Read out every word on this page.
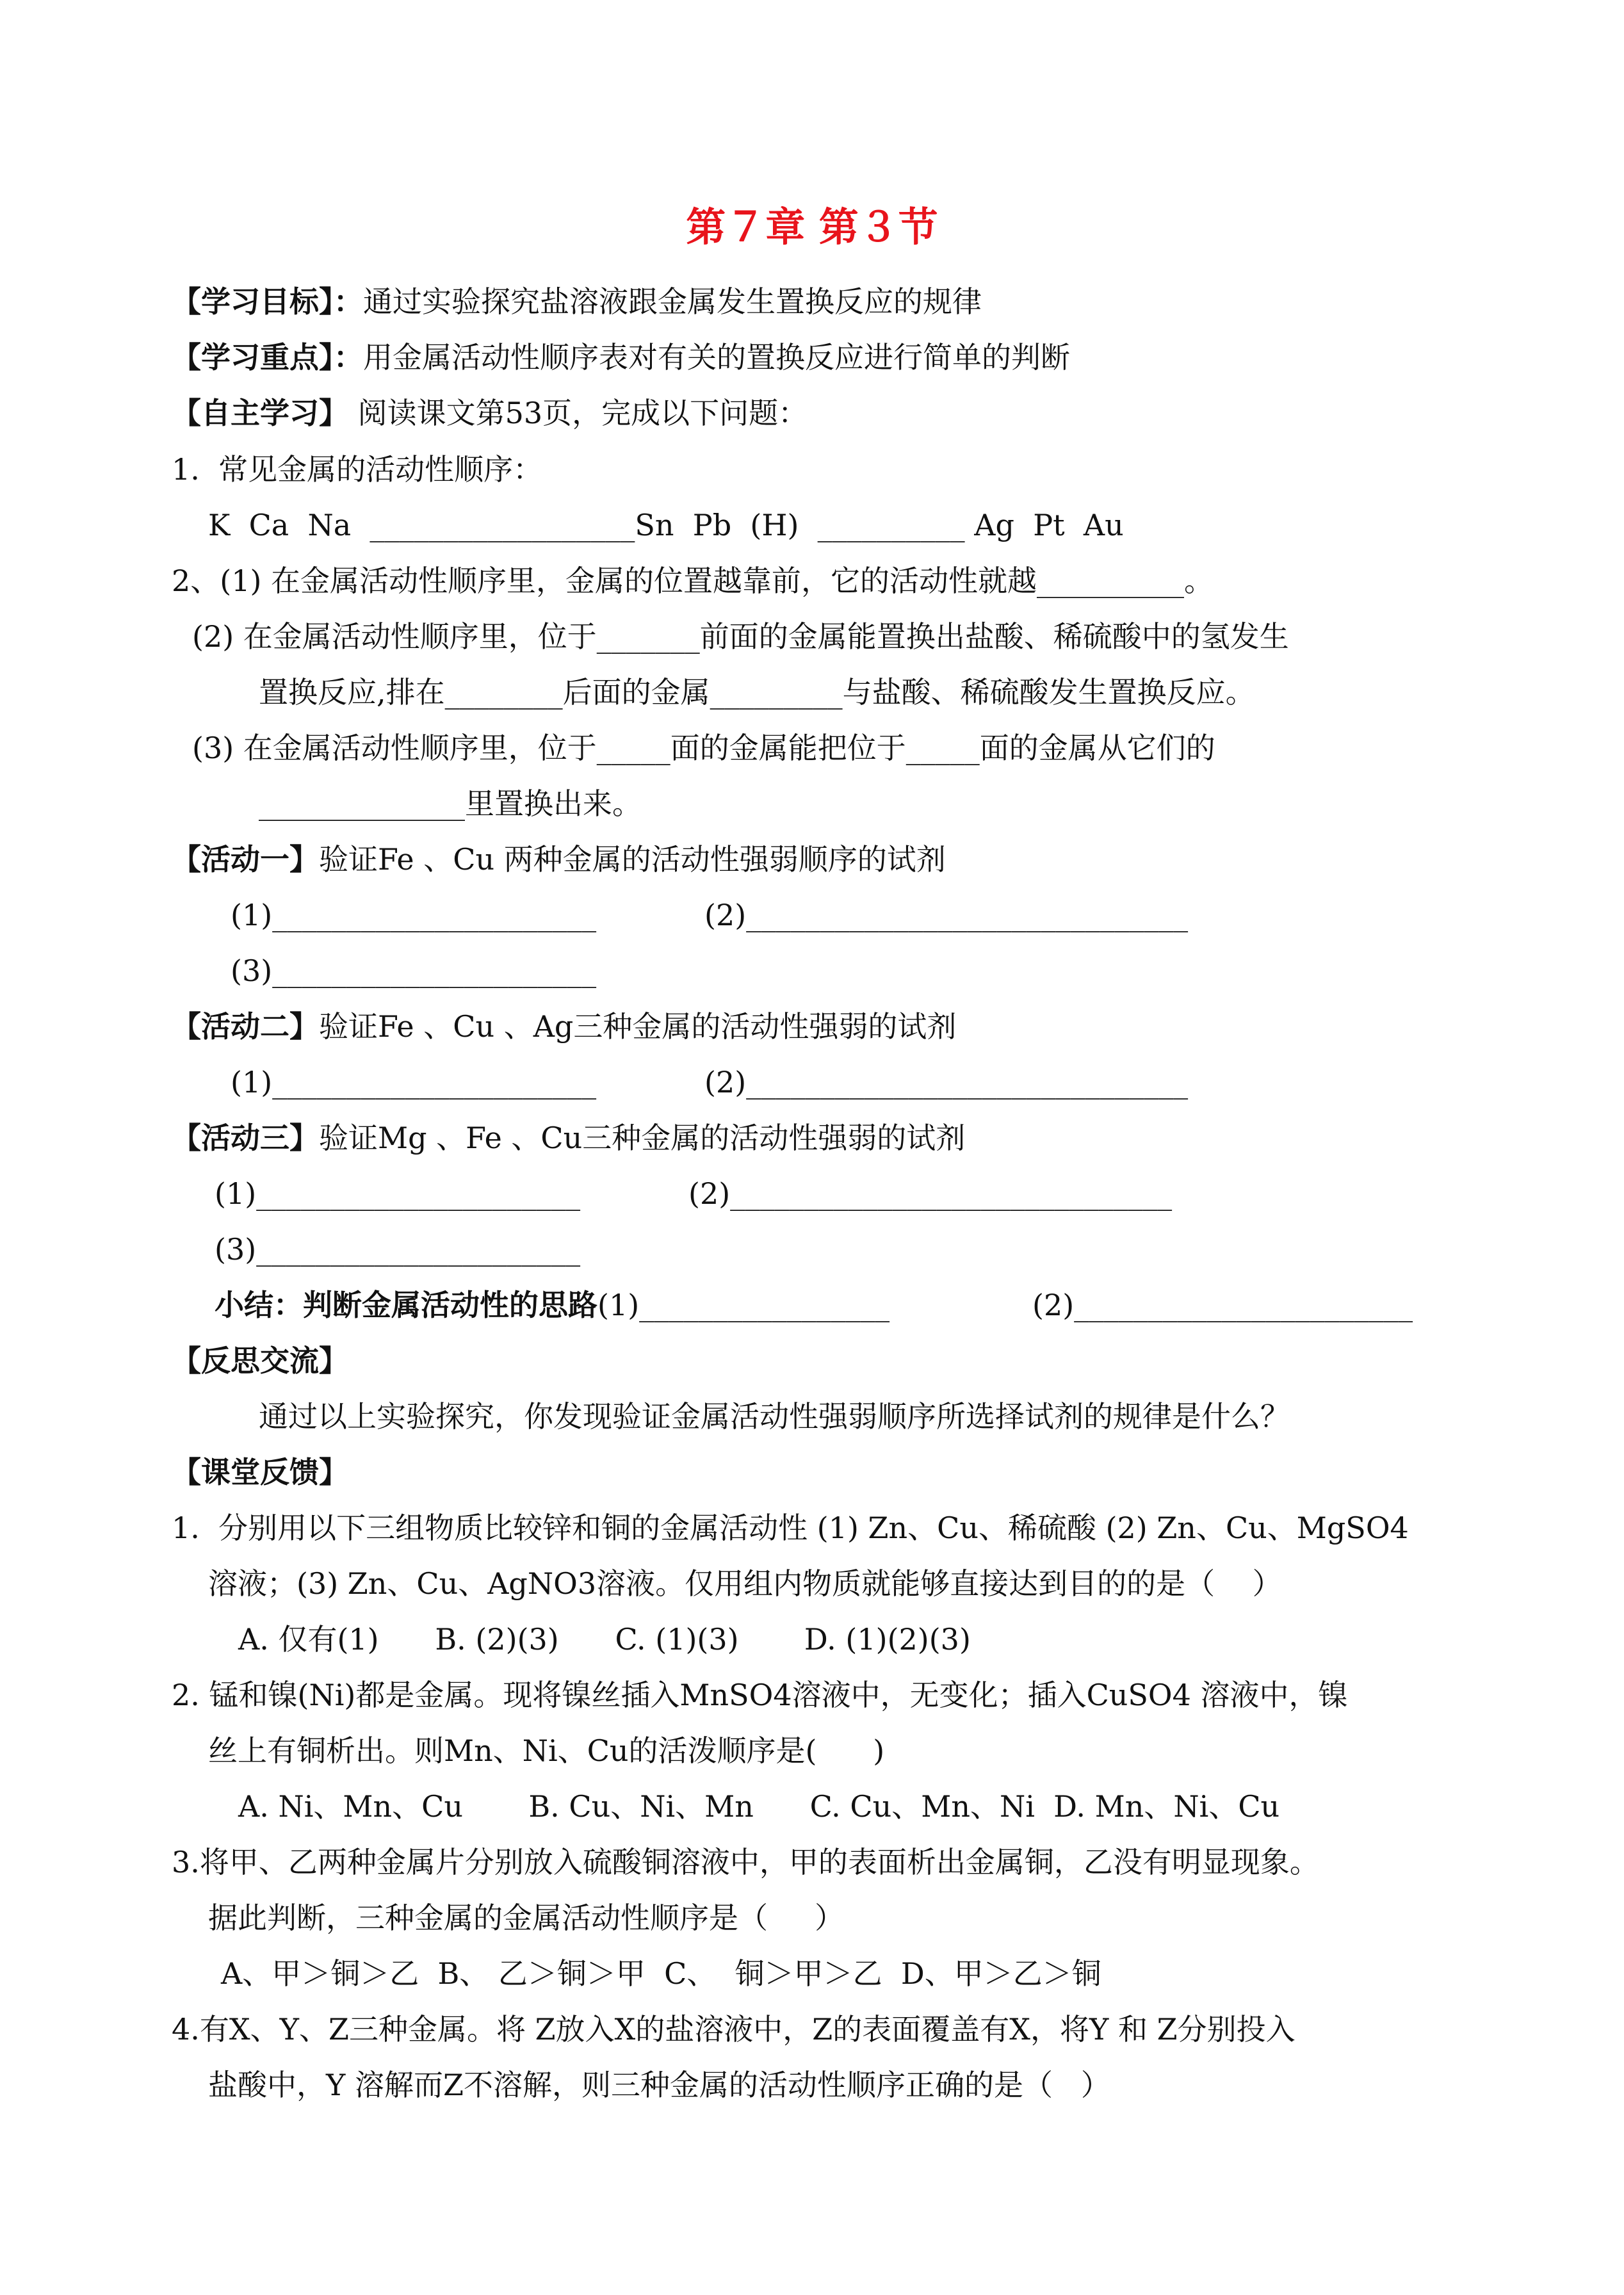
第７章 第３节
【学习目标】：通过实验探究盐溶液跟金属发生置换反应的规律
【学习重点】：用金属活动性顺序表对有关的置换反应进行简单的判断
【自主学习】 阅读课文第53页，完成以下问题：
1.  常见金属的活动性顺序：
K  Ca  Na  __________________Sn  Pb  (H)  __________ Ag  Pt  Au
2、(1) 在金属活动性顺序里，金属的位置越靠前，它的活动性就越__________。
(2) 在金属活动性顺序里，位于_______前面的金属能置换出盐酸、稀硫酸中的氢发生
置换反应,排在________后面的金属_________与盐酸、稀硫酸发生置换反应。
(3) 在金属活动性顺序里，位于_____面的金属能把位于_____面的金属从它们的
______________里置换出来。
【活动一】验证Fe 、Cu 两种金属的活动性强弱顺序的试剂
(1)______________________	(2)______________________________
(3)______________________
【活动二】验证Fe 、Cu 、Ag三种金属的活动性强弱的试剂
(1)______________________	(2)______________________________
【活动三】验证Mg 、Fe 、Cu三种金属的活动性强弱的试剂
(1)______________________	(2)______________________________
(3)______________________
小结：判断金属活动性的思路(1)_________________	(2)_______________________
【反思交流】
通过以上实验探究，你发现验证金属活动性强弱顺序所选择试剂的规律是什么？
【课堂反馈】
1.  分别用以下三组物质比较锌和铜的金属活动性 (1) Zn、Cu、稀硫酸 (2) Zn、Cu、MgSO4
溶液；(3) Zn、Cu、AgNO3溶液。仅用组内物质就能够直接达到目的的是（    ）
A. 仅有(1)      B. (2)(3)      C. (1)(3)       D. (1)(2)(3)
2. 锰和镍(Ni)都是金属。现将镍丝插入MnSO4溶液中，无变化；插入CuSO4 溶液中，镍
丝上有铜析出。则Mn、Ni、Cu的活泼顺序是(      )
A. Ni、Mn、Cu       B. Cu、Ni、Mn      C. Cu、Mn、Ni  D. Mn、Ni、Cu
3.将甲、乙两种金属片分别放入硫酸铜溶液中，甲的表面析出金属铜，乙没有明显现象。
据此判断，三种金属的金属活动性顺序是（     ）
A、甲＞铜＞乙  B、 乙＞铜＞甲  C、  铜＞甲＞乙  D、甲＞乙＞铜
4.有X、Y、Z三种金属。将 Z放入X的盐溶液中，Z的表面覆盖有X，将Y 和 Z分别投入
盐酸中，Y 溶解而Z不溶解，则三种金属的活动性顺序正确的是（   ）
